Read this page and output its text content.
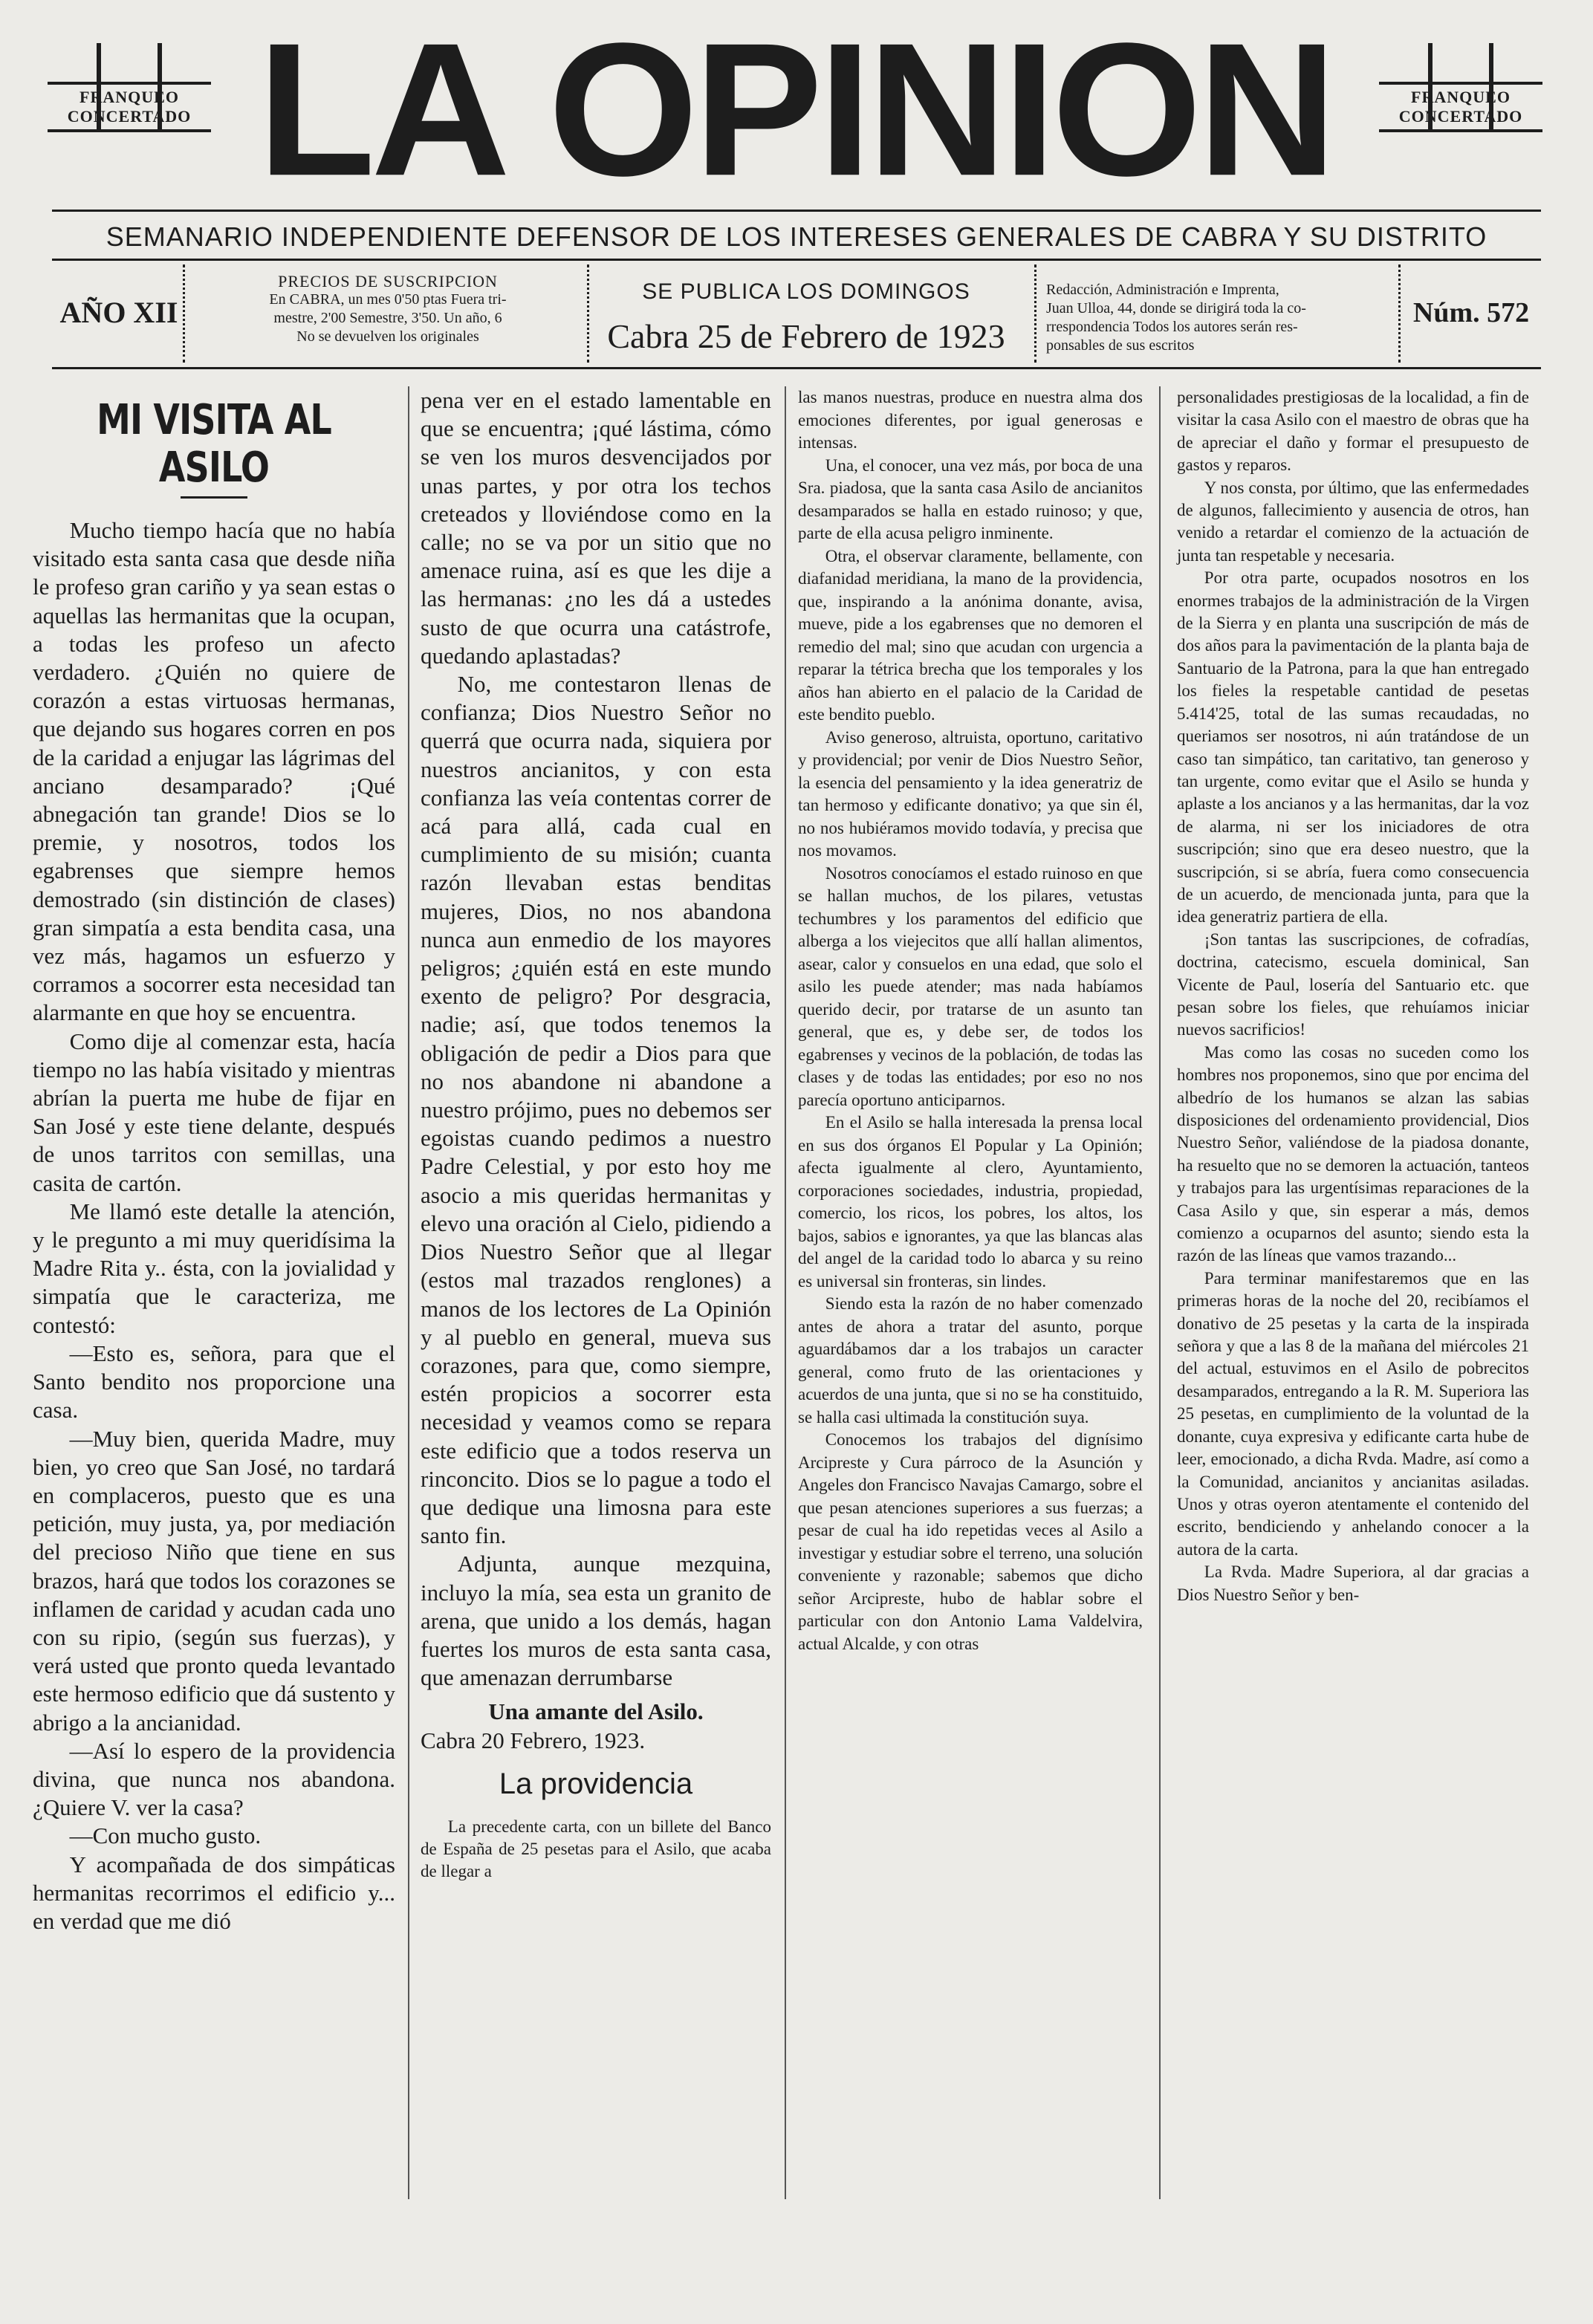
FRANQUEO
CONCERTADO LA OPINION	FRANQUEO
CONCERTADO
SEMANARIO INDEPENDIENTE DEFENSOR DE LOS INTERESES GENERALES DE CABRA Y SU DISTRITO
AÑO XII
PRECIOS DE SUSCRIPCION
En CABRA, un mes 0'50 ptas Fuera tri-
mestre, 2'00 Semestre, 3'50. Un año, 6
No se devuelven los originales
SE PUBLICA LOS DOMINGOS
Cabra 25 de Febrero de 1923
Redacción, Administración e Imprenta,
Juan Ulloa, 44, donde se dirigirá toda la co-
rrespondencia Todos los autores serán res-
ponsables de sus escritos
Núm. 572
MI VISITA AL ASILO

Mucho tiempo hacía que no había visitado esta santa casa que desde niña le profeso gran cariño y ya sean estas o aquellas las hermanitas que la ocupan, a todas les profeso un afecto verdadero. ¿Quién no quiere de corazón a estas virtuosas hermanas, que dejando sus hogares corren en pos de la caridad a enjugar las lágrimas del anciano desamparado? ¡Qué abnegación tan grande! Dios se lo premie, y nosotros, todos los egabrenses que siempre hemos demostrado (sin distinción de clases) gran simpatía a esta bendita casa, una vez más, hagamos un esfuerzo y corramos a socorrer esta necesidad tan alarmante en que hoy se encuentra.

Como dije al comenzar esta, hacía tiempo no las había visitado y mientras abrían la puerta me hube de fijar en San José y este tiene delante, después de unos tarritos con semillas, una casita de cartón.

Me llamó este detalle la atención, y le pregunto a mi muy queridísima la Madre Rita y.. ésta, con la jovialidad y simpatía que le caracteriza, me contestó:

—Esto es, señora, para que el Santo bendito nos proporcione una casa.

—Muy bien, querida Madre, muy bien, yo creo que San José, no tardará en complaceros, puesto que es una petición, muy justa, ya, por mediación del precioso Niño que tiene en sus brazos, hará que todos los corazones se inflamen de caridad y acudan cada uno con su ripio, (según sus fuerzas), y verá usted que pronto queda levantado este hermoso edificio que dá sustento y abrigo a la ancianidad.

—Así lo espero de la providencia divina, que nunca nos abandona. ¿Quiere V. ver la casa?

—Con mucho gusto.

Y acompañada de dos simpáticas hermanitas recorrimos el edificio y... en verdad que me dió

pena ver en el estado lamentable en que se encuentra; ¡qué lástima, cómo se ven los muros desvencijados por unas partes, y por otra los techos creteados y lloviéndose como en la calle; no se va por un sitio que no amenace ruina, así es que les dije a las hermanas: ¿no les dá a ustedes susto de que ocurra una catástrofe, quedando aplastadas?

No, me contestaron llenas de confianza; Dios Nuestro Señor no querrá que ocurra nada, siquiera por nuestros ancianitos, y con esta confianza las veía contentas correr de acá para allá, cada cual en cumplimiento de su misión; cuanta razón llevaban estas benditas mujeres, Dios, no nos abandona nunca aun enmedio de los mayores peligros; ¿quién está en este mundo exento de peligro? Por desgracia, nadie; así, que todos tenemos la obligación de pedir a Dios para que no nos abandone ni abandone a nuestro prójimo, pues no debemos ser egoistas cuando pedimos a nuestro Padre Celestial, y por esto hoy me asocio a mis queridas hermanitas y elevo una oración al Cielo, pidiendo a Dios Nuestro Señor que al llegar (estos mal trazados renglones) a manos de los lectores de La Opinión y al pueblo en general, mueva sus corazones, para que, como siempre, estén propicios a socorrer esta necesidad y veamos como se repara este edificio que a todos reserva un rinconcito. Dios se lo pague a todo el que dedique una limosna para este santo fin.

Adjunta, aunque mezquina, incluyo la mía, sea esta un granito de arena, que unido a los demás, hagan fuertes los muros de esta santa casa, que amenazan derrumbarse

Una amante del Asilo.

Cabra 20 Febrero, 1923.

La providencia

La precedente carta, con un billete del Banco de España de 25 pesetas para el Asilo, que acaba de llegar a

las manos nuestras, produce en nuestra alma dos emociones diferentes, por igual generosas e intensas.

Una, el conocer, una vez más, por boca de una Sra. piadosa, que la santa casa Asilo de ancianitos desamparados se halla en estado ruinoso; y que, parte de ella acusa peligro inminente.

Otra, el observar claramente, bellamente, con diafanidad meridiana, la mano de la providencia, que, inspirando a la anónima donante, avisa, mueve, pide a los egabrenses que no demoren el remedio del mal; sino que acudan con urgencia a reparar la tétrica brecha que los temporales y los años han abierto en el palacio de la Caridad de este bendito pueblo.

Aviso generoso, altruista, oportuno, caritativo y providencial; por venir de Dios Nuestro Señor, la esencia del pensamiento y la idea generatriz de tan hermoso y edificante donativo; ya que sin él, no nos hubiéramos movido todavía, y precisa que nos movamos.

Nosotros conocíamos el estado ruinoso en que se hallan muchos, de los pilares, vetustas techumbres y los paramentos del edificio que alberga a los viejecitos que allí hallan alimentos, asear, calor y consuelos en una edad, que solo el asilo les puede atender; mas nada habíamos querido decir, por tratarse de un asunto tan general, que es, y debe ser, de todos los egabrenses y vecinos de la población, de todas las clases y de todas las entidades; por eso no nos parecía oportuno anticiparnos.

En el Asilo se halla interesada la prensa local en sus dos órganos El Popular y La Opinión; afecta igualmente al clero, Ayuntamiento, corporaciones sociedades, industria, propiedad, comercio, los ricos, los pobres, los altos, los bajos, sabios e ignorantes, ya que las blancas alas del angel de la caridad todo lo abarca y su reino es universal sin fronteras, sin lindes.

Siendo esta la razón de no haber comenzado antes de ahora a tratar del asunto, porque aguardábamos dar a los trabajos un caracter general, como fruto de las orientaciones y acuerdos de una junta, que si no se ha constituido, se halla casi ultimada la constitución suya.

Conocemos los trabajos del dignísimo Arcipreste y Cura párroco de la Asunción y Angeles don Francisco Navajas Camargo, sobre el que pesan atenciones superiores a sus fuerzas; a pesar de cual ha ido repetidas veces al Asilo a investigar y estudiar sobre el terreno, una solución conveniente y razonable; sabemos que dicho señor Arcipreste, hubo de hablar sobre el particular con don Antonio Lama Valdelvira, actual Alcalde, y con otras

personalidades prestigiosas de la localidad, a fin de visitar la casa Asilo con el maestro de obras que ha de apreciar el daño y formar el presupuesto de gastos y reparos.

Y nos consta, por último, que las enfermedades de algunos, fallecimiento y ausencia de otros, han venido a retardar el comienzo de la actuación de junta tan respetable y necesaria.

Por otra parte, ocupados nosotros en los enormes trabajos de la administración de la Virgen de la Sierra y en planta una suscripción de más de dos años para la pavimentación de la planta baja de Santuario de la Patrona, para la que han entregado los fieles la respetable cantidad de pesetas 5.414'25, total de las sumas recaudadas, no queriamos ser nosotros, ni aún tratándose de un caso tan simpático, tan caritativo, tan generoso y tan urgente, como evitar que el Asilo se hunda y aplaste a los ancianos y a las hermanitas, dar la voz de alarma, ni ser los iniciadores de otra suscripción; sino que era deseo nuestro, que la suscripción, si se abría, fuera como consecuencia de un acuerdo, de mencionada junta, para que la idea generatriz partiera de ella.

¡Son tantas las suscripciones, de cofradías, doctrina, catecismo, escuela dominical, San Vicente de Paul, losería del Santuario etc. que pesan sobre los fieles, que rehuíamos iniciar nuevos sacrificios!

Mas como las cosas no suceden como los hombres nos proponemos, sino que por encima del albedrío de los humanos se alzan las sabias disposiciones del ordenamiento providencial, Dios Nuestro Señor, valiéndose de la piadosa donante, ha resuelto que no se demoren la actuación, tanteos y trabajos para las urgentísimas reparaciones de la Casa Asilo y que, sin esperar a más, demos comienzo a ocuparnos del asunto; siendo esta la razón de las líneas que vamos trazando...

Para terminar manifestaremos que en las primeras horas de la noche del 20, recibíamos el donativo de 25 pesetas y la carta de la inspirada señora y que a las 8 de la mañana del miércoles 21 del actual, estuvimos en el Asilo de pobrecitos desamparados, entregando a la R. M. Superiora las 25 pesetas, en cumplimiento de la voluntad de la donante, cuya expresiva y edificante carta hube de leer, emocionado, a dicha Rvda. Madre, así como a la Comunidad, ancianitos y ancianitas asiladas. Unos y otras oyeron atentamente el contenido del escrito, bendiciendo y anhelando conocer a la autora de la carta.

La Rvda. Madre Superiora, al dar gracias a Dios Nuestro Señor y ben-
